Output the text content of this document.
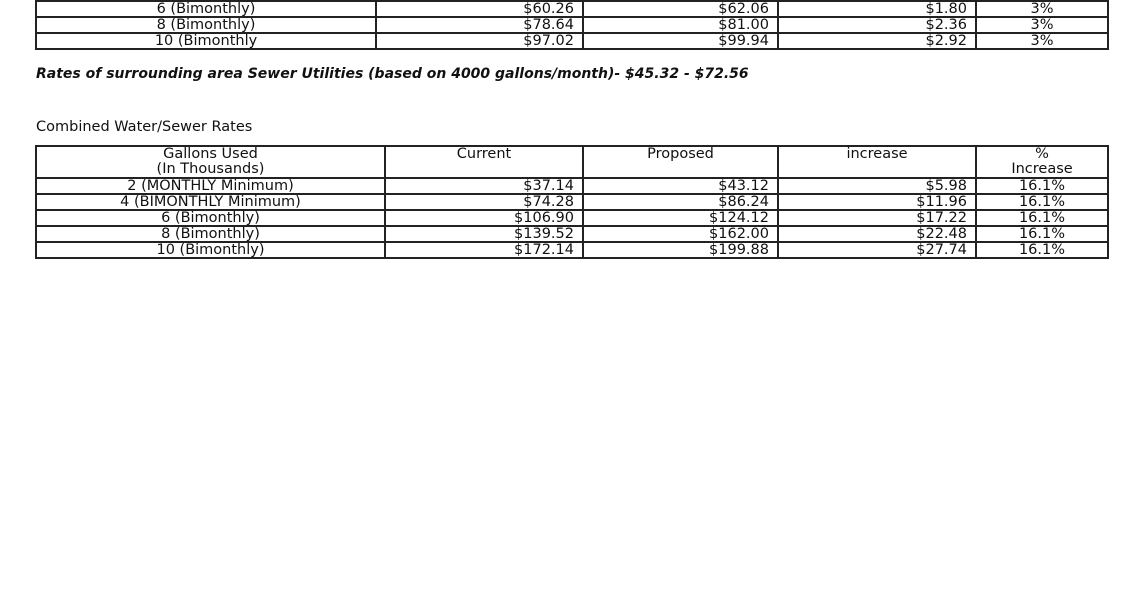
6 (Bimonthly)	$60.26	$62.06	$1.80	3%
8 (Bimonthly)	$78.64	$81.00	$2.36	3%
10 (Bimonthly	$97.02	$99.94	$2.92	3%
Rates of surrounding area Sewer Utilities (based on 4000 gallons/month)- $45.32 - $72.56
Combined Water/Sewer Rates
Gallons Used	Current	Proposed	increase	%
(In Thousands)				Increase
2 (MONTHLY Minimum)	$37.14	$43.12	$5.98	16.1%
4 (BIMONTHLY Minimum)	$74.28	$86.24	$11.96	16.1%
6 (Bimonthly)	$106.90	$124.12	$17.22	16.1%
8 (Bimonthly)	$139.52	$162.00	$22.48	16.1%
10 (Bimonthly)	$172.14	$199.88	$27.74	16.1%
